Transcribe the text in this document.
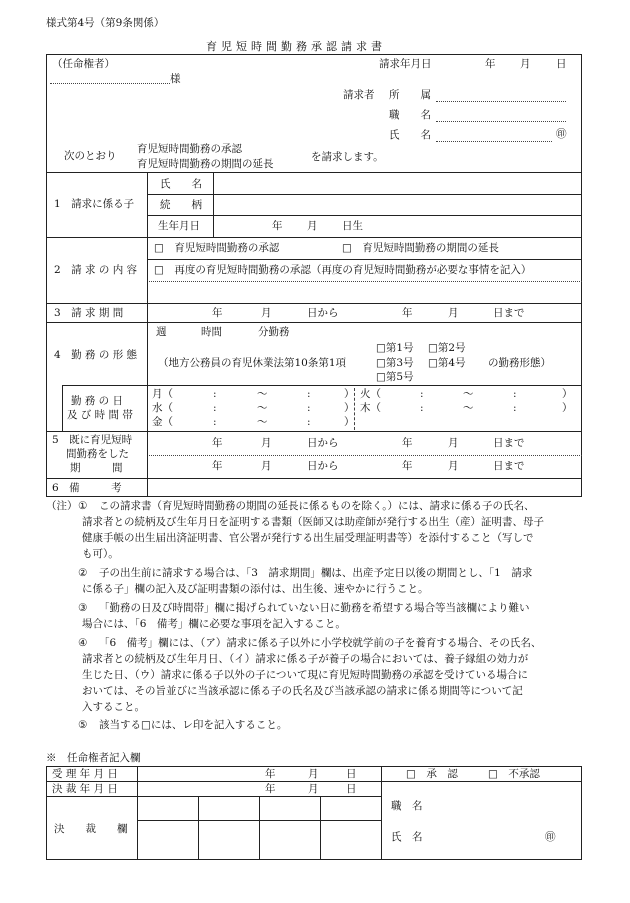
様式第4号（第9条関係）
育児短時間勤務承認請求書
（任命権者）
様
請求年月日	年 月 日
請求者 所　　属
職　　名
氏　　名	㊞
次のとおり
育児短時間勤務の承認
育児短時間勤務の期間の延長
を請求します。
1　請求に係る子
氏　　名
続　　柄
生年月日	年 月 日生
2　請 求 の 内 容
□　育児短時間勤務の承認	□　育児短時間勤務の期間の延長
□　再度の育児短時間勤務の承認（再度の育児短時間勤務が必要な事情を記入）
3　請 求 期 間	年	月	日から	年	月	日まで
4　勤 務 の 形 態
週	時間	分勤務
（地方公務員の育児休業法第10条第1項
□第1号 □第2号
□第3号 □第4号 の勤務形態）
□第5号
勤 務 の 日
及 び 時 間 帯
月（	:	〜	:	） 火（	:	〜	:	）
水（	:	〜	:	） 木（	:	〜	:	）
金（	:	〜	:	）
5　既に育児短時
間勤務をした
期　　　間
年	月	日から	年	月	日まで
年	月	日から	年	月	日まで
6　備　　　考
（注） ① この請求書（育児短時間勤務の期間の延長に係るものを除く。）には、請求に係る子の氏名、
請求者との続柄及び生年月日を証明する書類（医師又は助産師が発行する出生（産）証明書、母子
健康手帳の出生届出済証明書、官公署が発行する出生届受理証明書等）を添付すること（写しで
も可）。
② 子の出生前に請求する場合は、「3　請求期間」欄は、出産予定日以後の期間とし、「1　請求
に係る子」欄の記入及び証明書類の添付は、出生後、速やかに行うこと。
③ 「勤務の日及び時間帯」欄に掲げられていない日に勤務を希望する場合等当該欄により難い
場合には、「6　備考」欄に必要な事項を記入すること。
④ 「6　備考」欄には、（ア）請求に係る子以外に小学校就学前の子を養育する場合、その氏名、
請求者との続柄及び生年月日、（イ）請求に係る子が養子の場合においては、養子縁組の効力が
生じた日、（ウ）請求に係る子以外の子について現に育児短時間勤務の承認を受けている場合に
おいては、その旨並びに当該承認に係る子の氏名及び当該承認の請求に係る期間等について記
入すること。
⑤ 該当する□には、レ印を記入すること。
※　任命権者記入欄
受 理 年 月 日	年	月	日
決 裁 年 月 日	年	月	日
□　承　認	□　不承認
決　　裁　　欄
職　名
氏　名	㊞
